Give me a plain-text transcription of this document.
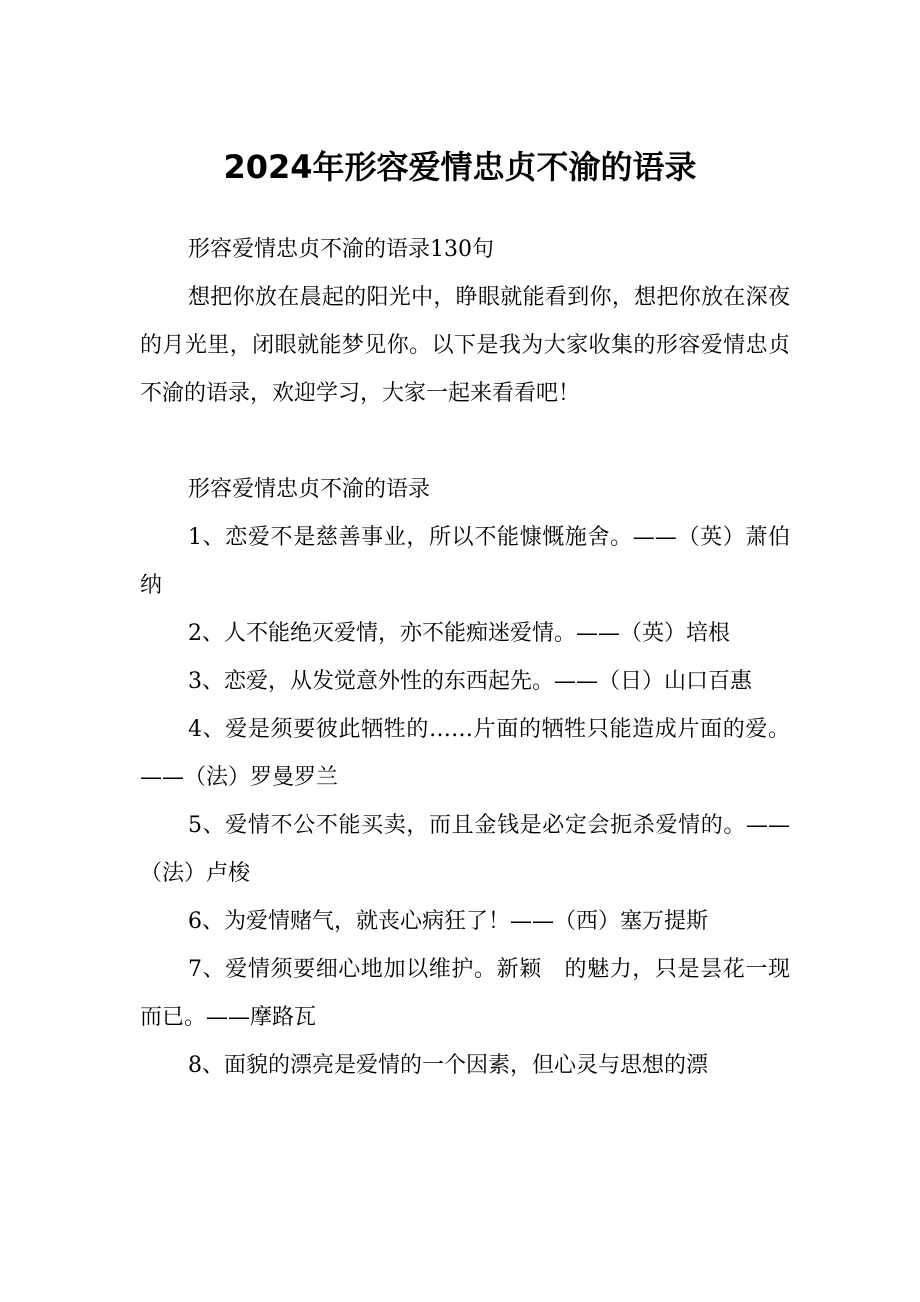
2024年形容爱情忠贞不渝的语录

形容爱情忠贞不渝的语录130句

想把你放在晨起的阳光中，睁眼就能看到你，想把你放在深夜的月光里，闭眼就能梦见你。以下是我为大家收集的形容爱情忠贞不渝的语录，欢迎学习，大家一起来看看吧！

形容爱情忠贞不渝的语录

1、恋爱不是慈善事业，所以不能慷慨施舍。——（英）萧伯纳

2、人不能绝灭爱情，亦不能痴迷爱情。——（英）培根

3、恋爱，从发觉意外性的东西起先。——（日）山口百惠

4、爱是须要彼此牺牲的……片面的牺牲只能造成片面的爱。——（法）罗曼罗兰

5、爱情不公不能买卖，而且金钱是必定会扼杀爱情的。——（法）卢梭

6、为爱情赌气，就丧心病狂了！——（西）塞万提斯

7、爱情须要细心地加以维护。新颖　的魅力，只是昙花一现而已。——摩路瓦

8、面貌的漂亮是爱情的一个因素，但心灵与思想的漂
